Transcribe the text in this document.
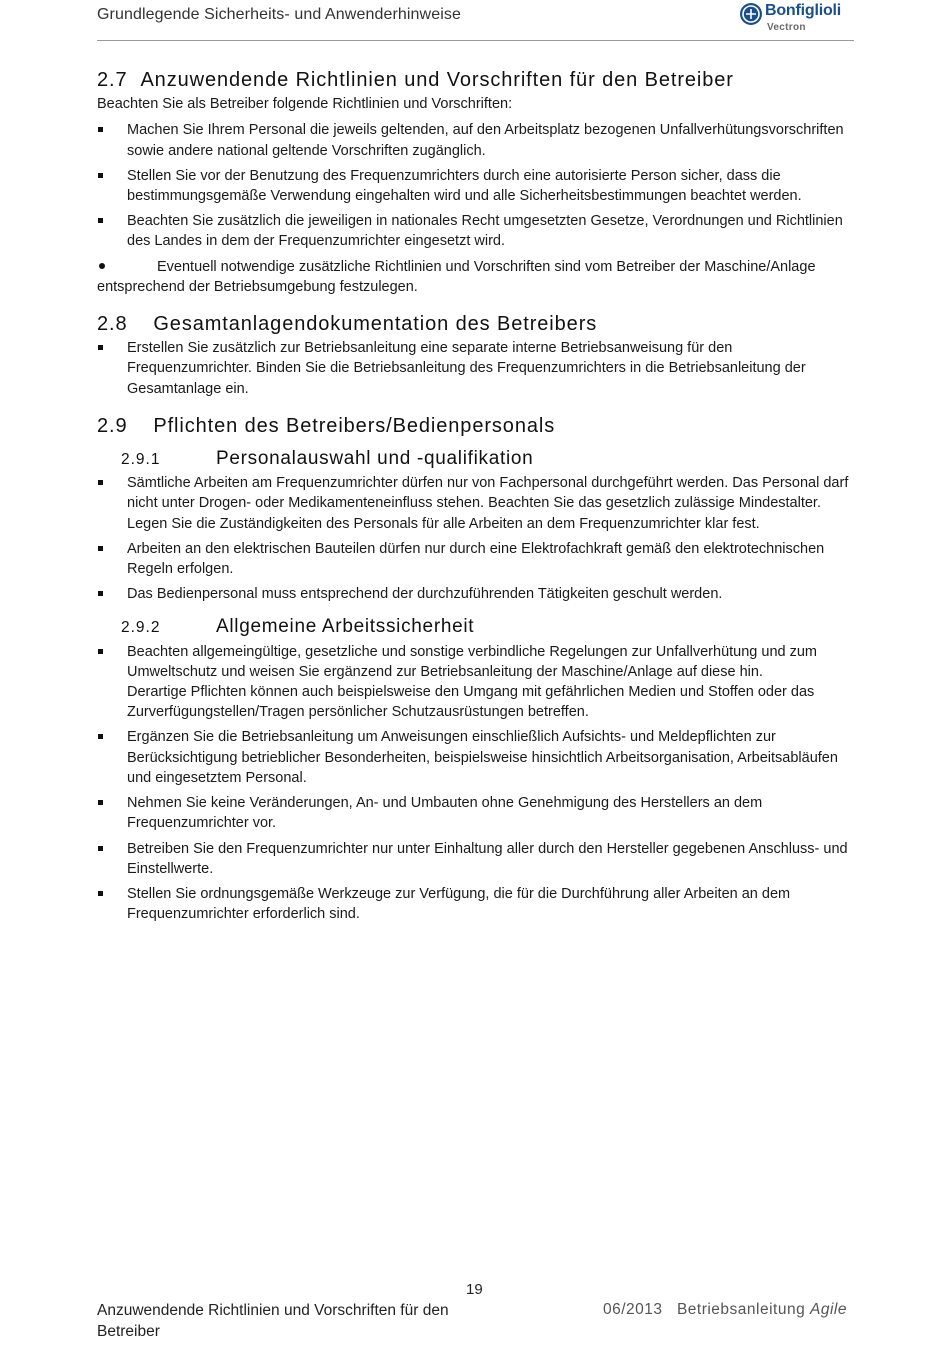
Grundlegende Sicherheits- und Anwenderhinweise	Bonfiglioli
Vectron
2.7 Anzuwendende Richtlinien und Vorschriften für den Betreiber

Beachten Sie als Betreiber folgende Richtlinien und Vorschriften:

Machen Sie Ihrem Personal die jeweils geltenden, auf den Arbeitsplatz bezogenen Unfallverhütungsvorschriften sowie andere national geltende Vorschriften zugänglich.
Stellen Sie vor der Benutzung des Frequenzumrichters durch eine autorisierte Person sicher, dass die bestimmungsgemäße Verwendung eingehalten wird und alle Sicherheitsbestimmungen beachtet werden.
Beachten Sie zusätzlich die jeweiligen in nationales Recht umgesetzten Gesetze, Verordnungen und Richtlinien des Landes in dem der Frequenzumrichter eingesetzt wird.
Eventuell notwendige zusätzliche Richtlinien und Vorschriften sind vom Betreiber der Maschine/Anlage entsprechend der Betriebsumgebung festzulegen.
2.8 Gesamtanlagendokumentation des Betreibers
Erstellen Sie zusätzlich zur Betriebsanleitung eine separate interne Betriebsanweisung für den Frequenzumrichter. Binden Sie die Betriebsanleitung des Frequenzumrichters in die Betriebsanleitung der Gesamtanlage ein.
2.9 Pflichten des Betreibers/Bedienpersonals
2.9.1	Personalauswahl und -qualifikation
Sämtliche Arbeiten am Frequenzumrichter dürfen nur von Fachpersonal durchgeführt werden. Das Personal darf nicht unter Drogen- oder Medikamenteneinfluss stehen. Beachten Sie das gesetzlich zulässige Mindestalter. Legen Sie die Zuständigkeiten des Personals für alle Arbeiten an dem Frequenzumrichter klar fest.
Arbeiten an den elektrischen Bauteilen dürfen nur durch eine Elektrofachkraft gemäß den elektrotechnischen Regeln erfolgen.
Das Bedienpersonal muss entsprechend der durchzuführenden Tätigkeiten geschult werden.
2.9.2	Allgemeine Arbeitssicherheit
Beachten allgemeingültige, gesetzliche und sonstige verbindliche Regelungen zur Unfallverhütung und zum Umweltschutz und weisen Sie ergänzend zur Betriebsanleitung der Maschine/Anlage auf diese hin.
Derartige Pflichten können auch beispielsweise den Umgang mit gefährlichen Medien und Stoffen oder das Zurverfügungstellen/Tragen persönlicher Schutzausrüstungen betreffen.
Ergänzen Sie die Betriebsanleitung um Anweisungen einschließlich Aufsichts- und Meldepflichten zur Berücksichtigung betrieblicher Besonderheiten, beispielsweise hinsichtlich Arbeitsorganisation, Arbeitsabläufen und eingesetztem Personal.
Nehmen Sie keine Veränderungen, An- und Umbauten ohne Genehmigung des Herstellers an dem Frequenzumrichter vor.
Betreiben Sie den Frequenzumrichter nur unter Einhaltung aller durch den Hersteller gegebenen Anschluss- und Einstellwerte.
Stellen Sie ordnungsgemäße Werkzeuge zur Verfügung, die für die Durchführung aller Arbeiten an dem Frequenzumrichter erforderlich sind.
19
Anzuwendende Richtlinien und Vorschriften für den Betreiber
06/2013 Betriebsanleitung Agile
